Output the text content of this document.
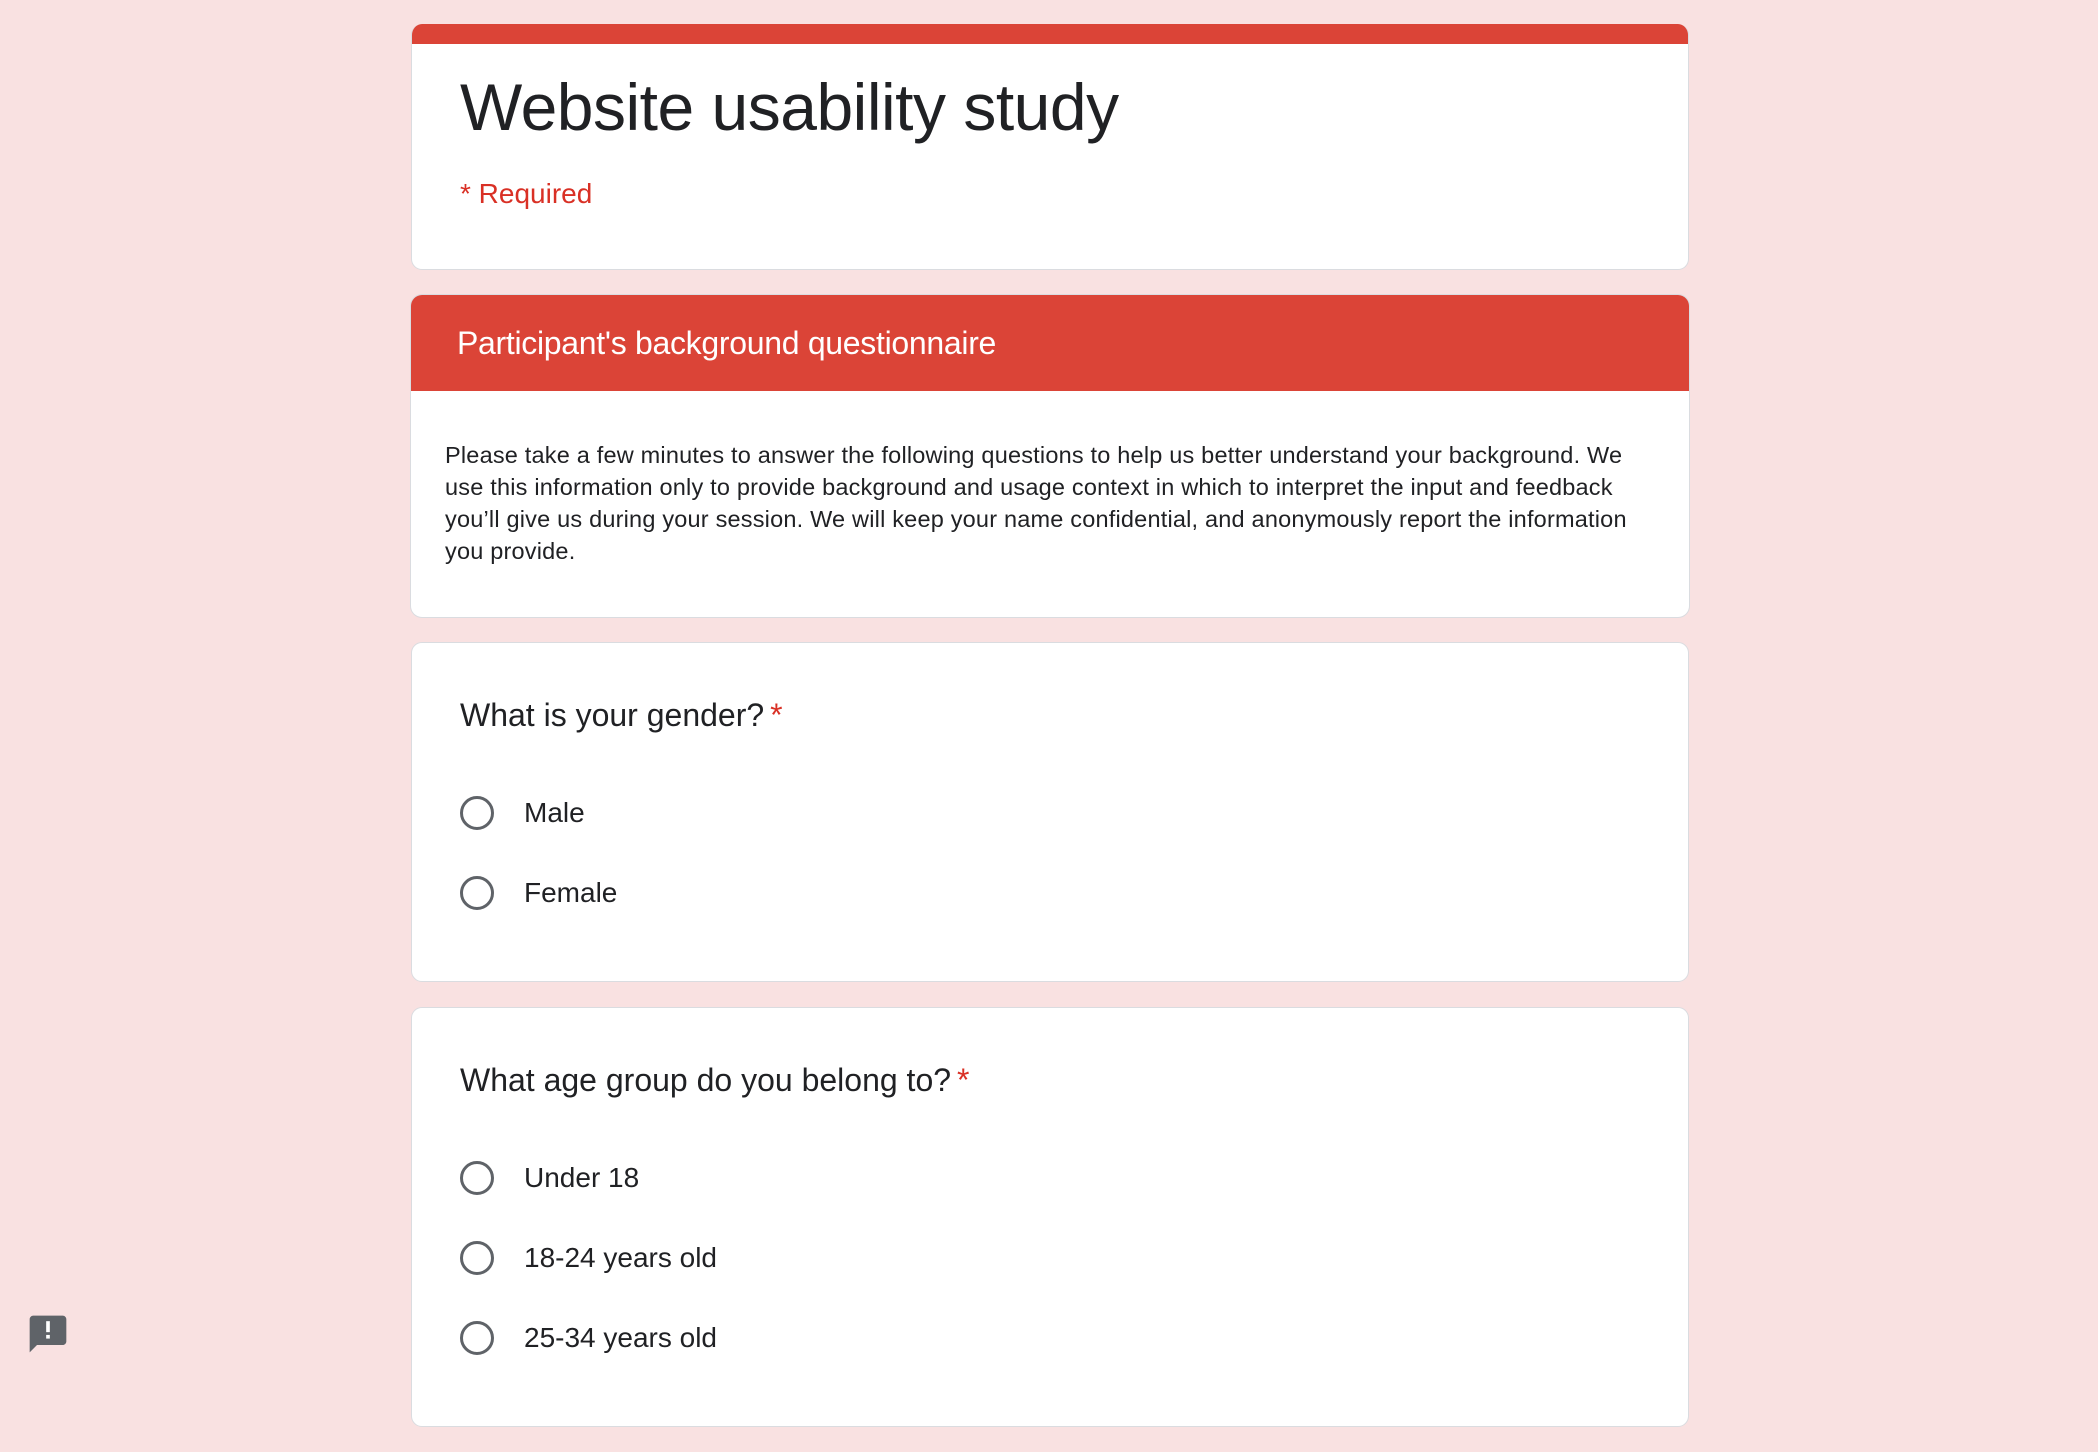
Website usability study
* Required
Participant's background questionnaire
Please take a few minutes to answer the following questions to help us better understand your background. We use this information only to provide background and usage context in which to interpret the input and feedback you’ll give us during your session. We will keep your name confidential, and anonymously report the information you provide.
What is your gender? *
Male
Female
What age group do you belong to? *
Under 18
18-24 years old
25-34 years old
